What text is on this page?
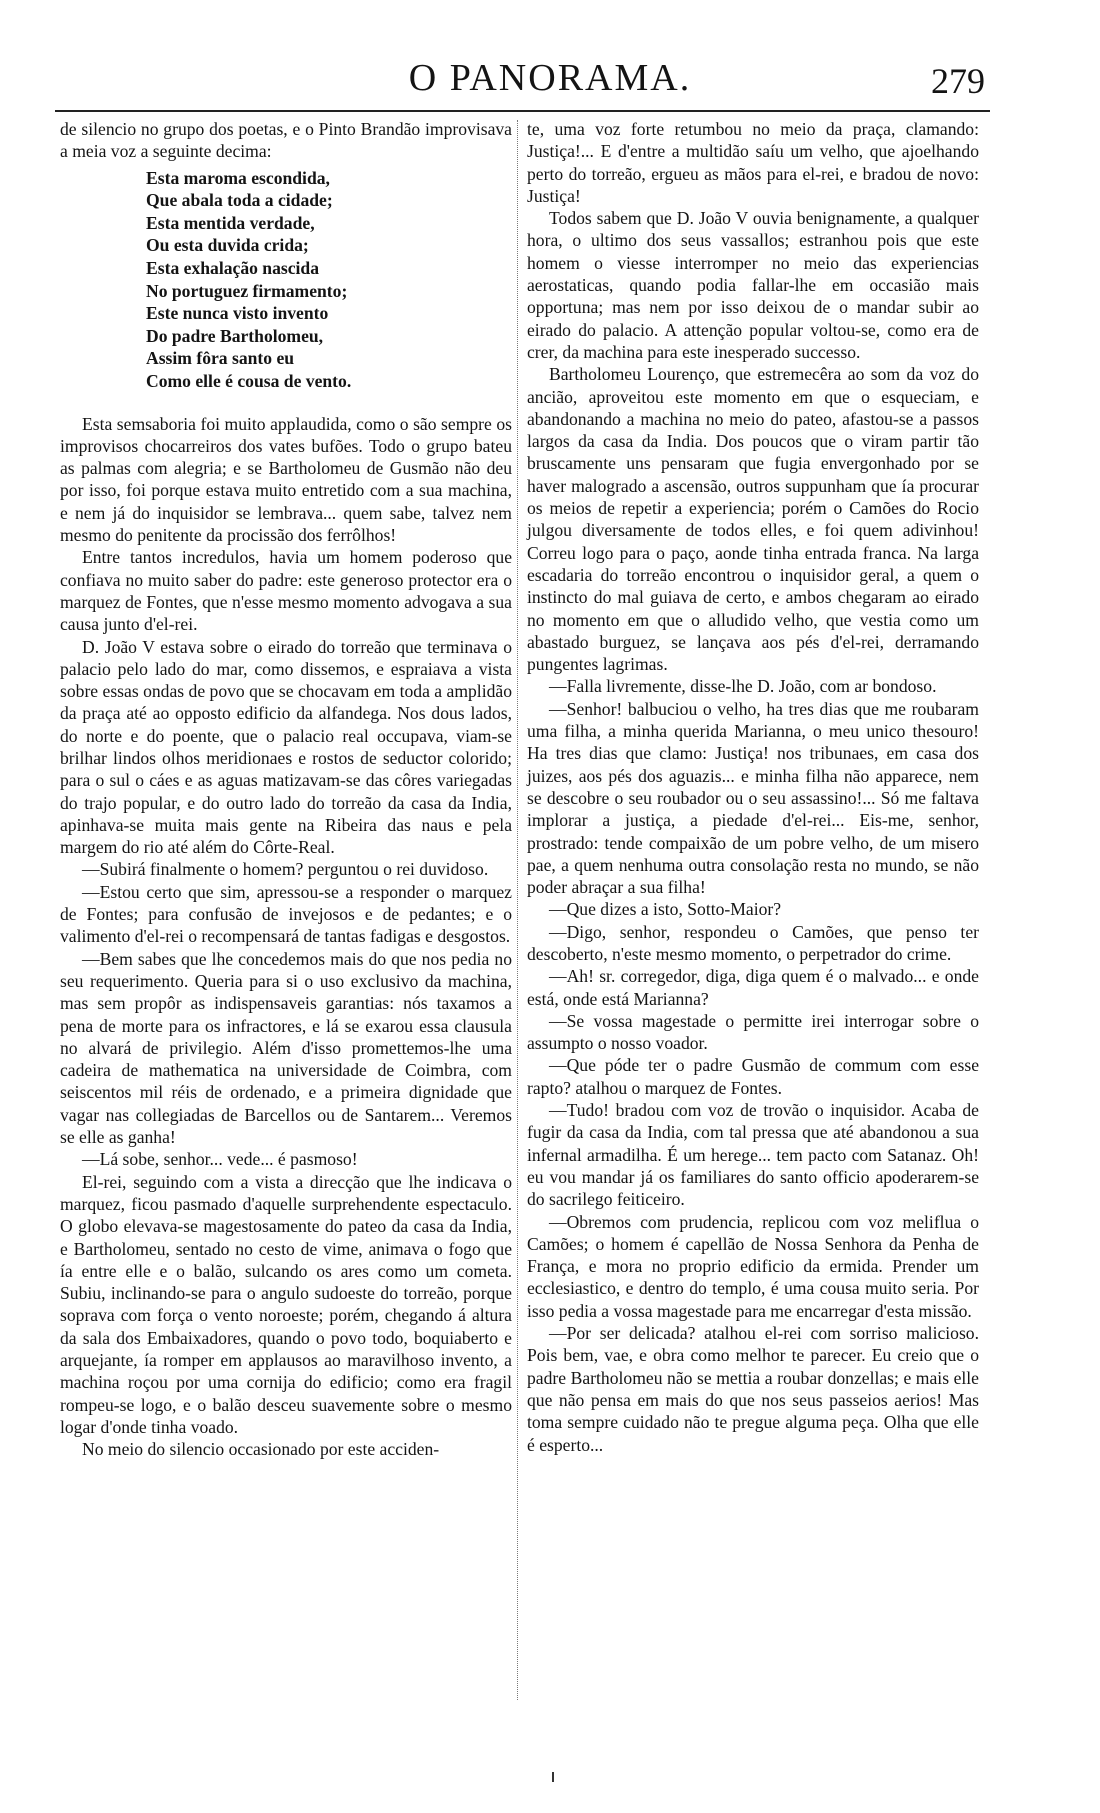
O PANORAMA.	279

de silencio no grupo dos poetas, e o Pinto Brandão improvisava a meia voz a seguinte decima:

Esta maroma escondida,
Que abala toda a cidade;
Esta mentida verdade,
Ou esta duvida crida;
Esta exhalação nascida
No portuguez firmamento;
Este nunca visto invento
Do padre Bartholomeu,
Assim fôra santo eu
Como elle é cousa de vento.

Esta semsaboria foi muito applaudida, como o são sempre os improvisos chocarreiros dos vates bufões. Todo o grupo bateu as palmas com alegria; e se Bartholomeu de Gusmão não deu por isso, foi porque estava muito entretido com a sua machina, e nem já do inquisidor se lembrava... quem sabe, talvez nem mesmo do penitente da procissão dos ferrôlhos!

Entre tantos incredulos, havia um homem poderoso que confiava no muito saber do padre: este generoso protector era o marquez de Fontes, que n'esse mesmo momento advogava a sua causa junto d'el-rei.

D. João V estava sobre o eirado do torreão que terminava o palacio pelo lado do mar, como dissemos, e espraiava a vista sobre essas ondas de povo que se chocavam em toda a amplidão da praça até ao opposto edificio da alfandega. Nos dous lados, do norte e do poente, que o palacio real occupava, viam-se brilhar lindos olhos meridionaes e rostos de seductor colorido; para o sul o cáes e as aguas matizavam-se das côres variegadas do trajo popular, e do outro lado do torreão da casa da India, apinhava-se muita mais gente na Ribeira das naus e pela margem do rio até além do Côrte-Real.

—Subirá finalmente o homem? perguntou o rei duvidoso.

—Estou certo que sim, apressou-se a responder o marquez de Fontes; para confusão de invejosos e de pedantes; e o valimento d'el-rei o recompensará de tantas fadigas e desgostos.

—Bem sabes que lhe concedemos mais do que nos pedia no seu requerimento. Queria para si o uso exclusivo da machina, mas sem propôr as indispensaveis garantias: nós taxamos a pena de morte para os infractores, e lá se exarou essa clausula no alvará de privilegio. Além d'isso promettemos-lhe uma cadeira de mathematica na universidade de Coimbra, com seiscentos mil réis de ordenado, e a primeira dignidade que vagar nas collegiadas de Barcellos ou de Santarem... Veremos se elle as ganha!

—Lá sobe, senhor... vede... é pasmoso!

El-rei, seguindo com a vista a direcção que lhe indicava o marquez, ficou pasmado d'aquelle surprehendente espectaculo. O globo elevava-se magestosamente do pateo da casa da India, e Bartholomeu, sentado no cesto de vime, animava o fogo que ía entre elle e o balão, sulcando os ares como um cometa. Subiu, inclinando-se para o angulo sudoeste do torreão, porque soprava com força o vento noroeste; porém, chegando á altura da sala dos Embaixadores, quando o povo todo, boquiaberto e arquejante, ía romper em applausos ao maravilhoso invento, a machina roçou por uma cornija do edificio; como era fragil rompeu-se logo, e o balão desceu suavemente sobre o mesmo logar d'onde tinha voado.

No meio do silencio occasionado por este acciden-

te, uma voz forte retumbou no meio da praça, clamando: Justiça!... E d'entre a multidão saíu um velho, que ajoelhando perto do torreão, ergueu as mãos para el-rei, e bradou de novo: Justiça!

Todos sabem que D. João V ouvia benignamente, a qualquer hora, o ultimo dos seus vassallos; estranhou pois que este homem o viesse interromper no meio das experiencias aerostaticas, quando podia fallar-lhe em occasião mais opportuna; mas nem por isso deixou de o mandar subir ao eirado do palacio. A attenção popular voltou-se, como era de crer, da machina para este inesperado successo.

Bartholomeu Lourenço, que estremecêra ao som da voz do ancião, aproveitou este momento em que o esqueciam, e abandonando a machina no meio do pateo, afastou-se a passos largos da casa da India. Dos poucos que o viram partir tão bruscamente uns pensaram que fugia envergonhado por se haver malogrado a ascensão, outros suppunham que ía procurar os meios de repetir a experiencia; porém o Camões do Rocio julgou diversamente de todos elles, e foi quem adivinhou! Correu logo para o paço, aonde tinha entrada franca. Na larga escadaria do torreão encontrou o inquisidor geral, a quem o instincto do mal guiava de certo, e ambos chegaram ao eirado no momento em que o alludido velho, que vestia como um abastado burguez, se lançava aos pés d'el-rei, derramando pungentes lagrimas.

—Falla livremente, disse-lhe D. João, com ar bondoso.

—Senhor! balbuciou o velho, ha tres dias que me roubaram uma filha, a minha querida Marianna, o meu unico thesouro! Ha tres dias que clamo: Justiça! nos tribunaes, em casa dos juizes, aos pés dos aguazis... e minha filha não apparece, nem se descobre o seu roubador ou o seu assassino!... Só me faltava implorar a justiça, a piedade d'el-rei... Eis-me, senhor, prostrado: tende compaixão de um pobre velho, de um misero pae, a quem nenhuma outra consolação resta no mundo, se não poder abraçar a sua filha!

—Que dizes a isto, Sotto-Maior?

—Digo, senhor, respondeu o Camões, que penso ter descoberto, n'este mesmo momento, o perpetrador do crime.

—Ah! sr. corregedor, diga, diga quem é o malvado... e onde está, onde está Marianna?

—Se vossa magestade o permitte irei interrogar sobre o assumpto o nosso voador.

—Que póde ter o padre Gusmão de commum com esse rapto? atalhou o marquez de Fontes.

—Tudo! bradou com voz de trovão o inquisidor. Acaba de fugir da casa da India, com tal pressa que até abandonou a sua infernal armadilha. É um herege... tem pacto com Satanaz. Oh! eu vou mandar já os familiares do santo officio apoderarem-se do sacrilego feiticeiro.

—Obremos com prudencia, replicou com voz meliflua o Camões; o homem é capellão de Nossa Senhora da Penha de França, e mora no proprio edificio da ermida. Prender um ecclesiastico, e dentro do templo, é uma cousa muito seria. Por isso pedia a vossa magestade para me encarregar d'esta missão.

—Por ser delicada? atalhou el-rei com sorriso malicioso. Pois bem, vae, e obra como melhor te parecer. Eu creio que o padre Bartholomeu não se mettia a roubar donzellas; e mais elle que não pensa em mais do que nos seus passeios aerios! Mas toma sempre cuidado não te pregue alguma peça. Olha que elle é esperto...
